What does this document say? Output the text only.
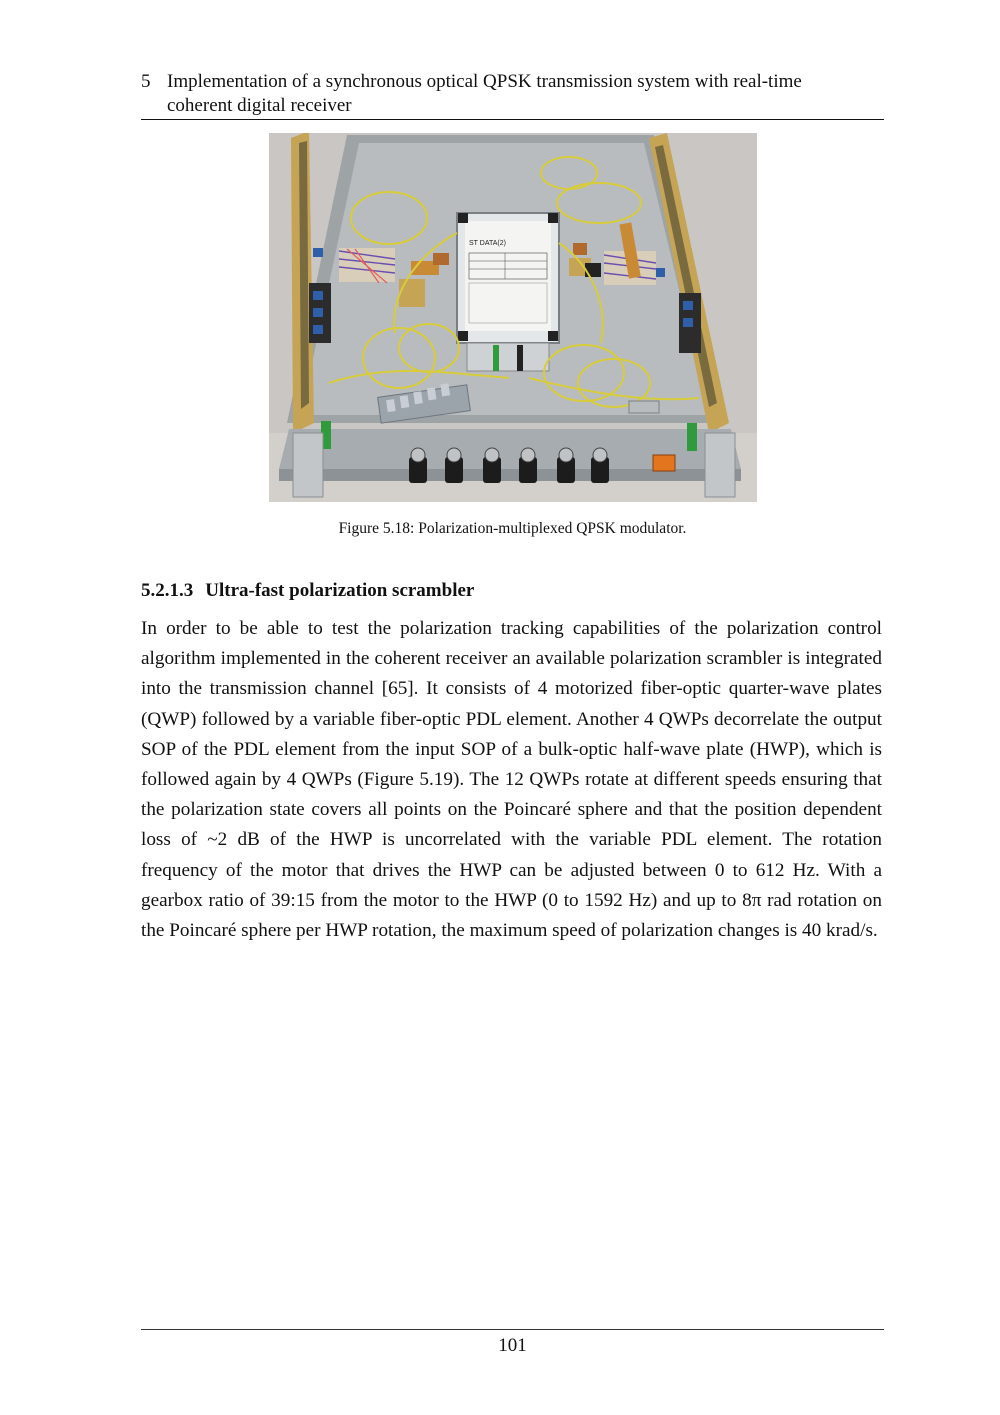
5 Implementation of a synchronous optical QPSK transmission system with real-time
coherent digital receiver
ST DATA(2)
Figure 5.18: Polarization-multiplexed QPSK modulator.
5.2.1.3 Ultra-fast polarization scrambler
In order to be able to test the polarization tracking capabilities of the polarization control algorithm implemented in the coherent receiver an available polarization scrambler is integrated into the transmission channel [65]. It consists of 4 motorized fiber-optic quarter-wave plates (QWP) followed by a variable fiber-optic PDL element. Another 4 QWPs decorrelate the output SOP of the PDL element from the input SOP of a bulk-optic half-wave plate (HWP), which is followed again by 4 QWPs (Figure 5.19). The 12 QWPs rotate at different speeds ensuring that the polarization state covers all points on the Poincaré sphere and that the position dependent loss of ~2 dB of the HWP is uncorrelated with the variable PDL element. The rotation frequency of the motor that drives the HWP can be adjusted between 0 to 612 Hz. With a gearbox ratio of 39:15 from the motor to the HWP (0 to 1592 Hz) and up to 8π rad rotation on the Poincaré sphere per HWP rotation, the maximum speed of polarization changes is 40 krad/s.
101
